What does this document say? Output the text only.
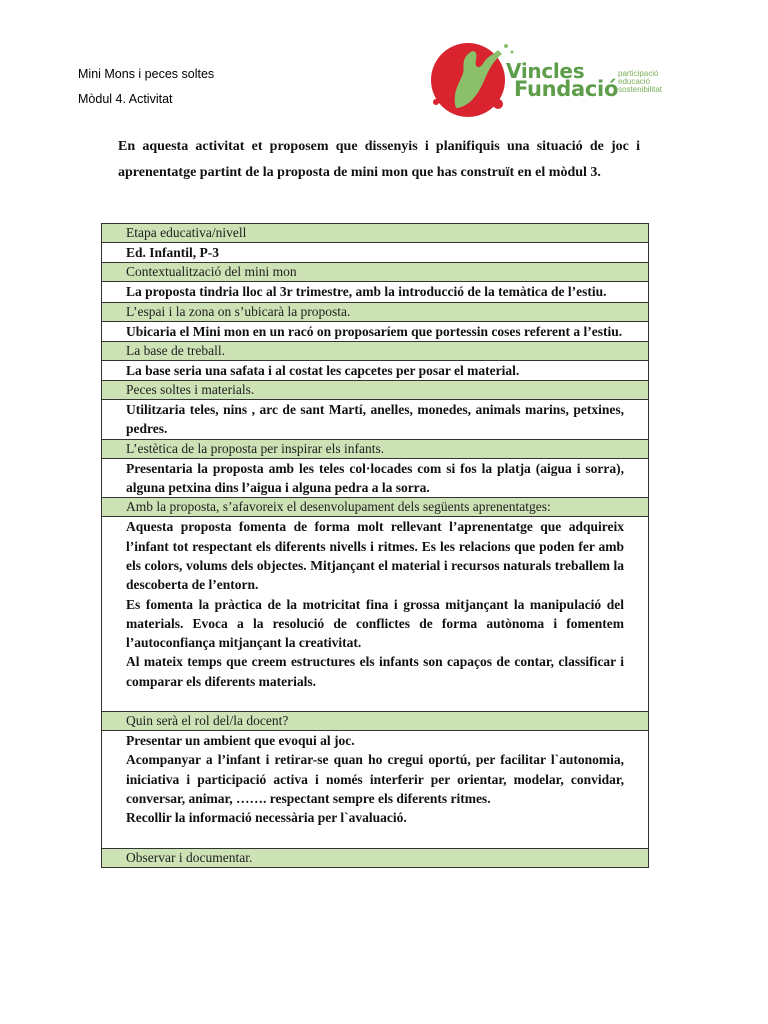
Mini Mons i peces soltes
Mòdul 4. Activitat
Vincles
Fundació
participació
educació
sostenibilitat
En aquesta activitat et proposem que dissenyis i planifiquis una situació de joc i aprenentatge partint de la proposta de mini mon que has construït en el mòdul 3.
Etapa educativa/nivell

Ed. Infantil, P-3

Contextualització del mini mon

La proposta tindria lloc al 3r trimestre, amb la introducció de la temàtica de l’estiu.

L’espai i la zona on s’ubicarà la proposta.

Ubicaria el Mini mon en un racó on proposaríem que portessin coses referent a l’estiu.

La base de treball.

La base seria una safata i al costat les capcetes per posar el material.

Peces soltes i materials.

Utilitzaria teles, nins , arc de sant Martí, anelles, monedes, animals marins, petxines, pedres.

L’estètica de la proposta per inspirar els infants.

Presentaria la proposta amb les teles col·locades com si fos la platja (aigua i sorra), alguna petxina dins l’aigua i alguna pedra a la sorra.

Amb la proposta, s’afavoreix el desenvolupament dels següents aprenentatges:

Aquesta proposta fomenta de forma molt rellevant l’aprenentatge que adquireix l’infant tot respectant els diferents nivells i ritmes. Es les relacions que poden fer amb els colors, volums dels objectes. Mitjançant el material i recursos naturals treballem la descoberta de l’entorn.

Es fomenta la pràctica de la motricitat fina i grossa mitjançant la manipulació del materials. Evoca a la resolució de conflictes de forma autònoma i fomentem l’autoconfiança mitjançant la creativitat.

Al mateix temps que creem estructures els infants son capaços de contar, classificar i comparar els diferents materials.

Quin serà el rol del/la docent?

Presentar un ambient que evoqui al joc.

Acompanyar a l’infant i retirar-se quan ho cregui oportú, per facilitar l`autonomia, iniciativa i participació activa i només interferir per orientar, modelar, convidar, conversar, animar, ……. respectant sempre els diferents ritmes.

Recollir la informació necessària per l`avaluació.

Observar i documentar.
